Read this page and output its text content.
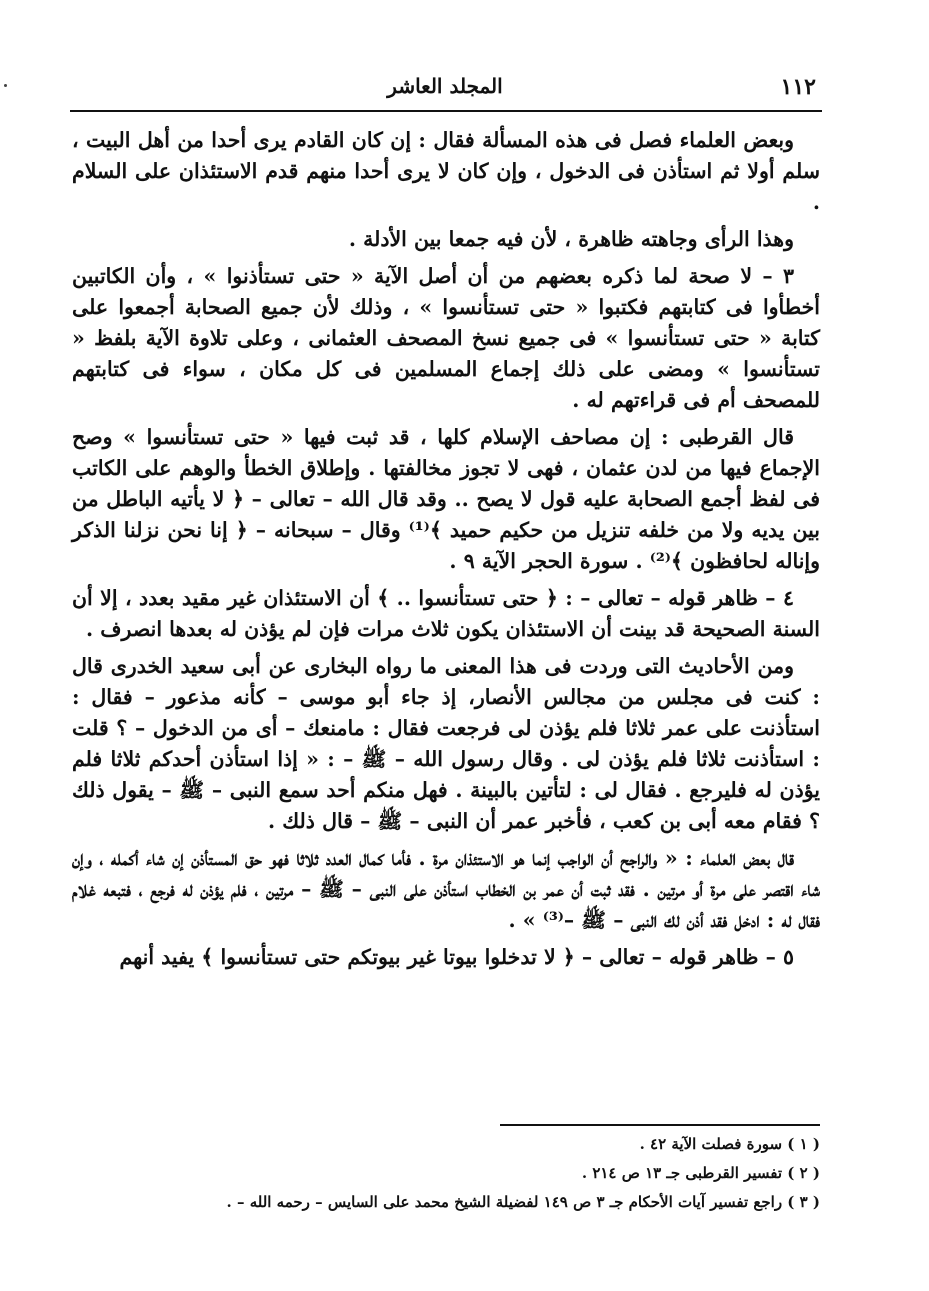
١١٢
المجلد العاشر

وبعض العلماء فصل فى هذه المسألة فقال : إن كان القادم يرى أحدا من أهل البيت ، سلم أولا ثم استأذن فى الدخول ، وإن كان لا يرى أحدا منهم قدم الاستئذان على السلام .

وهذا الرأى وجاهته ظاهرة ، لأن فيه جمعا بين الأدلة .

٣ – لا صحة لما ذكره بعضهم من أن أصل الآية « حتى تستأذنوا » ، وأن الكاتبين أخطأوا فى كتابتهم فكتبوا « حتى تستأنسوا » ، وذلك لأن جميع الصحابة أجمعوا على كتابة « حتى تستأنسوا » فى جميع نسخ المصحف العثمانى ، وعلى تلاوة الآية بلفظ « تستأنسوا » ومضى على ذلك إجماع المسلمين فى كل مكان ، سواء فى كتابتهم للمصحف أم فى قراءتهم له .

قال القرطبى : إن مصاحف الإسلام كلها ، قد ثبت فيها « حتى تستأنسوا » وصح الإجماع فيها من لدن عثمان ، فهى لا تجوز مخالفتها . وإطلاق الخطأ والوهم على الكاتب فى لفظ أجمع الصحابة عليه قول لا يصح .. وقد قال الله – تعالى – ﴿ لا يأتيه الباطل من بين يديه ولا من خلفه تنزيل من حكيم حميد ﴾⁽¹⁾ وقال – سبحانه – ﴿ إنا نحن نزلنا الذكر وإناله لحافظون ﴾⁽²⁾ . سورة الحجر الآية ٩ .

٤ – ظاهر قوله – تعالى – : ﴿ حتى تستأنسوا .. ﴾ أن الاستئذان غير مقيد بعدد ، إلا أن السنة الصحيحة قد بينت أن الاستئذان يكون ثلاث مرات فإن لم يؤذن له بعدها انصرف .

ومن الأحاديث التى وردت فى هذا المعنى ما رواه البخارى عن أبى سعيد الخدرى قال : كنت فى مجلس من مجالس الأنصار، إذ جاء أبو موسى – كأنه مذعور – فقال : استأذنت على عمر ثلاثا فلم يؤذن لى فرجعت فقال : مامنعك – أى من الدخول – ؟ قلت : استأذنت ثلاثا فلم يؤذن لى . وقال رسول الله – ﷺ – : « إذا استأذن أحدكم ثلاثا فلم يؤذن له فليرجع . فقال لى : لتأتين بالبينة . فهل منكم أحد سمع النبى – ﷺ – يقول ذلك ؟ فقام معه أبى بن كعب ، فأخبر عمر أن النبى – ﷺ – قال ذلك .

قال بعض العلماء : « والراجح أن الواجب إنما هو الاستئذان مرة . فأما كمال العدد ثلاثا فهو حق المستأذن إن شاء أكمله ، وإن شاء اقتصر على مرة أو مرتين . فقد ثبت أن عمر بن الخطاب استأذن على النبى – ﷺ – مرتين ، فلم يؤذن له فرجع ، فتبعه غلام فقال له : ادخل فقد أذن لك النبى – ﷺ –⁽³⁾ » .

٥ – ظاهر قوله – تعالى – ﴿ لا تدخلوا بيوتا غير بيوتكم حتى تستأنسوا ﴾ يفيد أنهم

( ١ ) سورة فصلت الآية ٤٢ .

( ٢ ) تفسير القرطبى جـ ١٣ ص ٢١٤ .

( ٣ ) راجع تفسير آيات الأحكام جـ ٣ ص ١٤٩ لفضيلة الشيخ محمد على السايس – رحمه الله – .
